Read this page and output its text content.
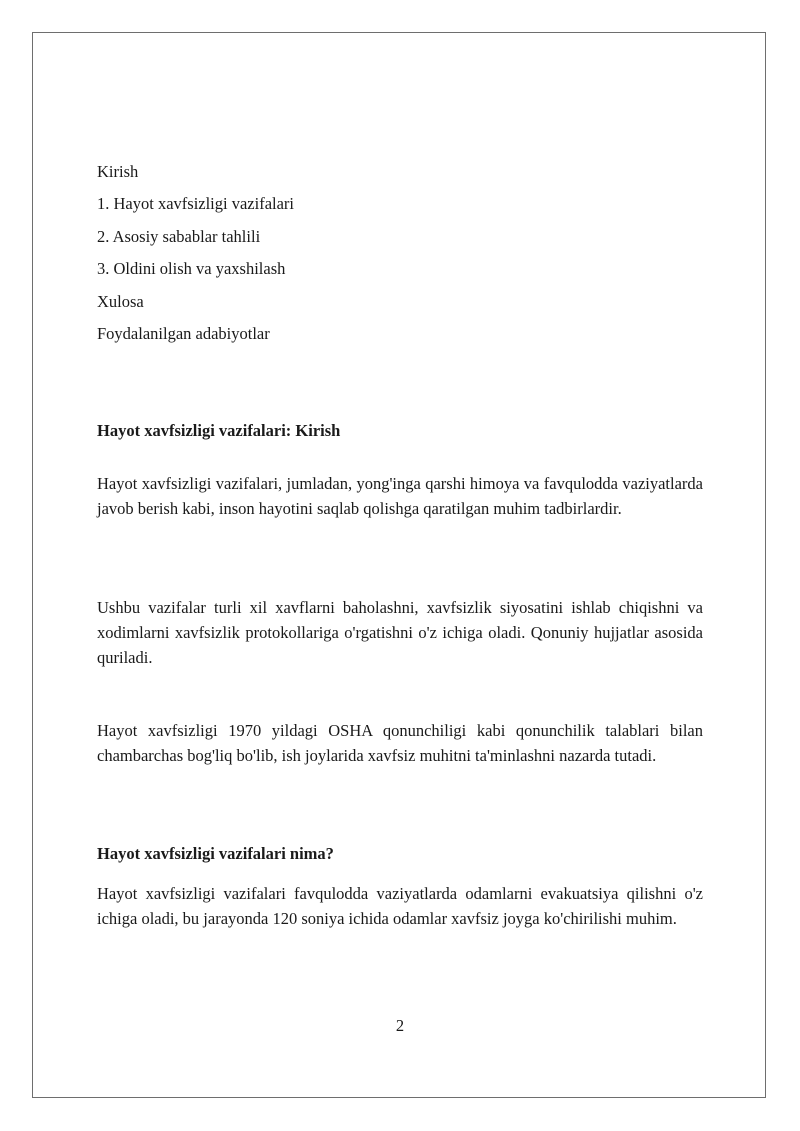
Kirish
1. Hayot xavfsizligi vazifalari
2. Asosiy sabablar tahlili
3. Oldini olish va yaxshilash
Xulosa
Foydalanilgan adabiyotlar
Hayot xavfsizligi vazifalari: Kirish

Hayot xavfsizligi vazifalari, jumladan, yong'inga qarshi himoya va favqulodda vaziyatlarda javob berish kabi, inson hayotini saqlab qolishga qaratilgan muhim tadbirlardir.

Ushbu vazifalar turli xil xavflarni baholashni, xavfsizlik siyosatini ishlab chiqishni va xodimlarni xavfsizlik protokollariga o'rgatishni o'z ichiga oladi. Qonuniy hujjatlar asosida quriladi.

Hayot xavfsizligi 1970 yildagi OSHA qonunchiligi kabi qonunchilik talablari bilan chambarchas bog'liq bo'lib, ish joylarida xavfsiz muhitni ta'minlashni nazarda tutadi.

Hayot xavfsizligi vazifalari nima?

Hayot xavfsizligi vazifalari favqulodda vaziyatlarda odamlarni evakuatsiya qilishni o'z ichiga oladi, bu jarayonda 120 soniya ichida odamlar xavfsiz joyga ko'chirilishi muhim.

2
